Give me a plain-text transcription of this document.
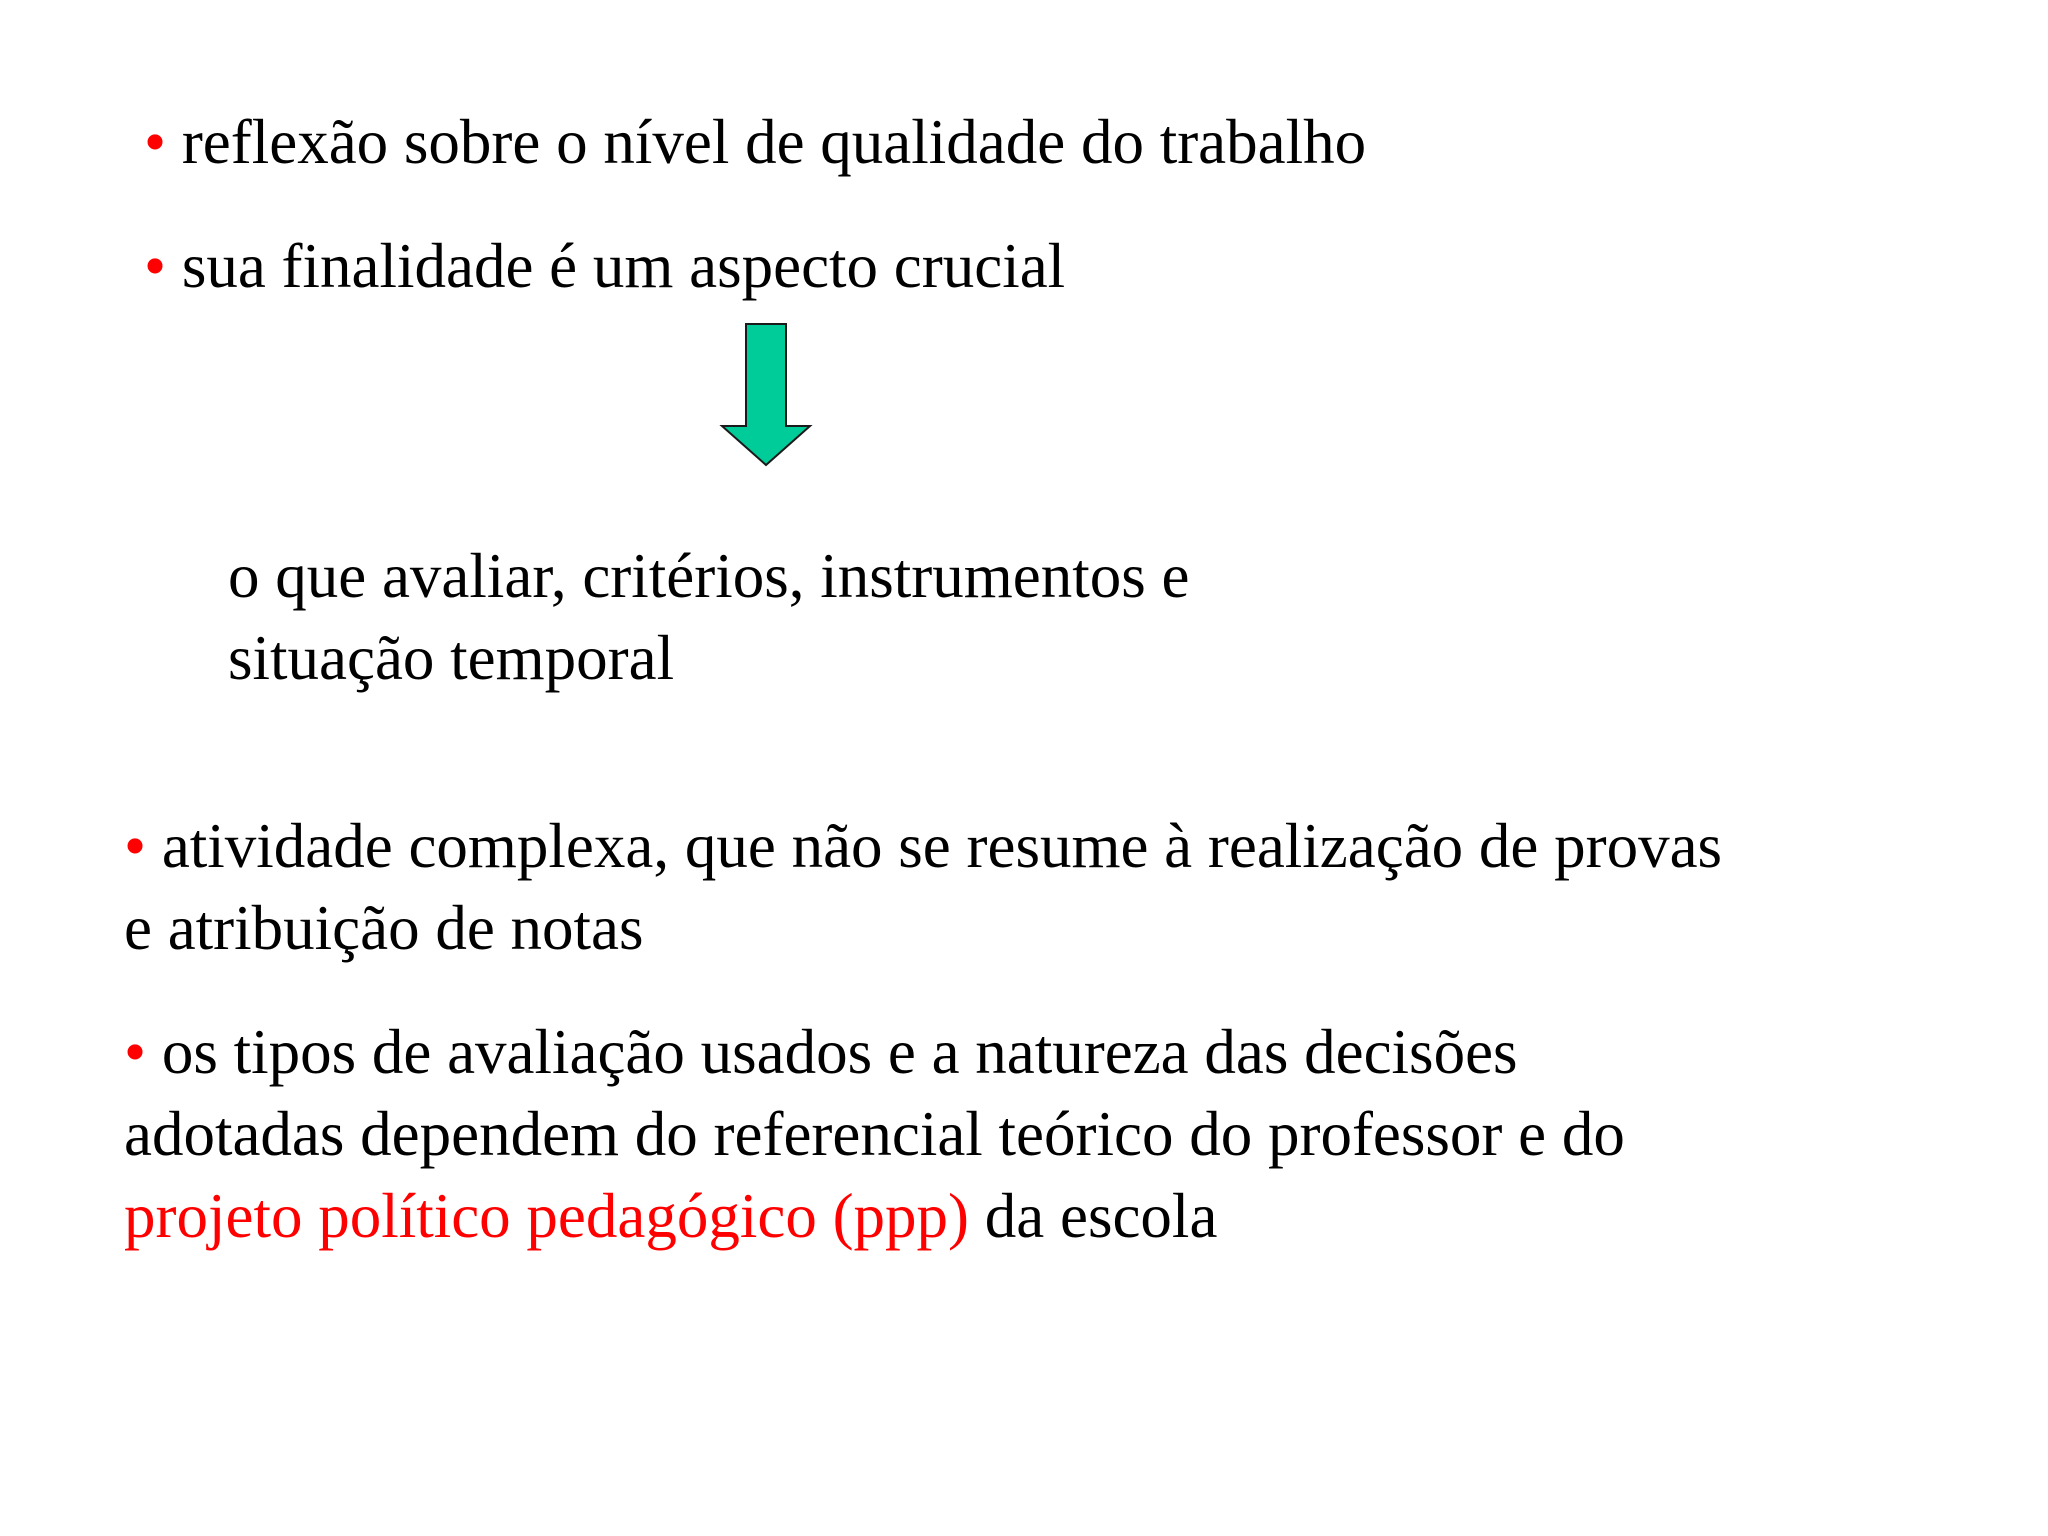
• reflexão sobre o nível de qualidade do trabalho
• sua finalidade é um aspecto crucial
o que avaliar, critérios, instrumentos e
situação temporal
• atividade complexa, que não se resume à realização de provas
e atribuição de notas
• os tipos de avaliação usados e a natureza das decisões
adotadas dependem do referencial teórico do professor e do
projeto político pedagógico (ppp) da escola
